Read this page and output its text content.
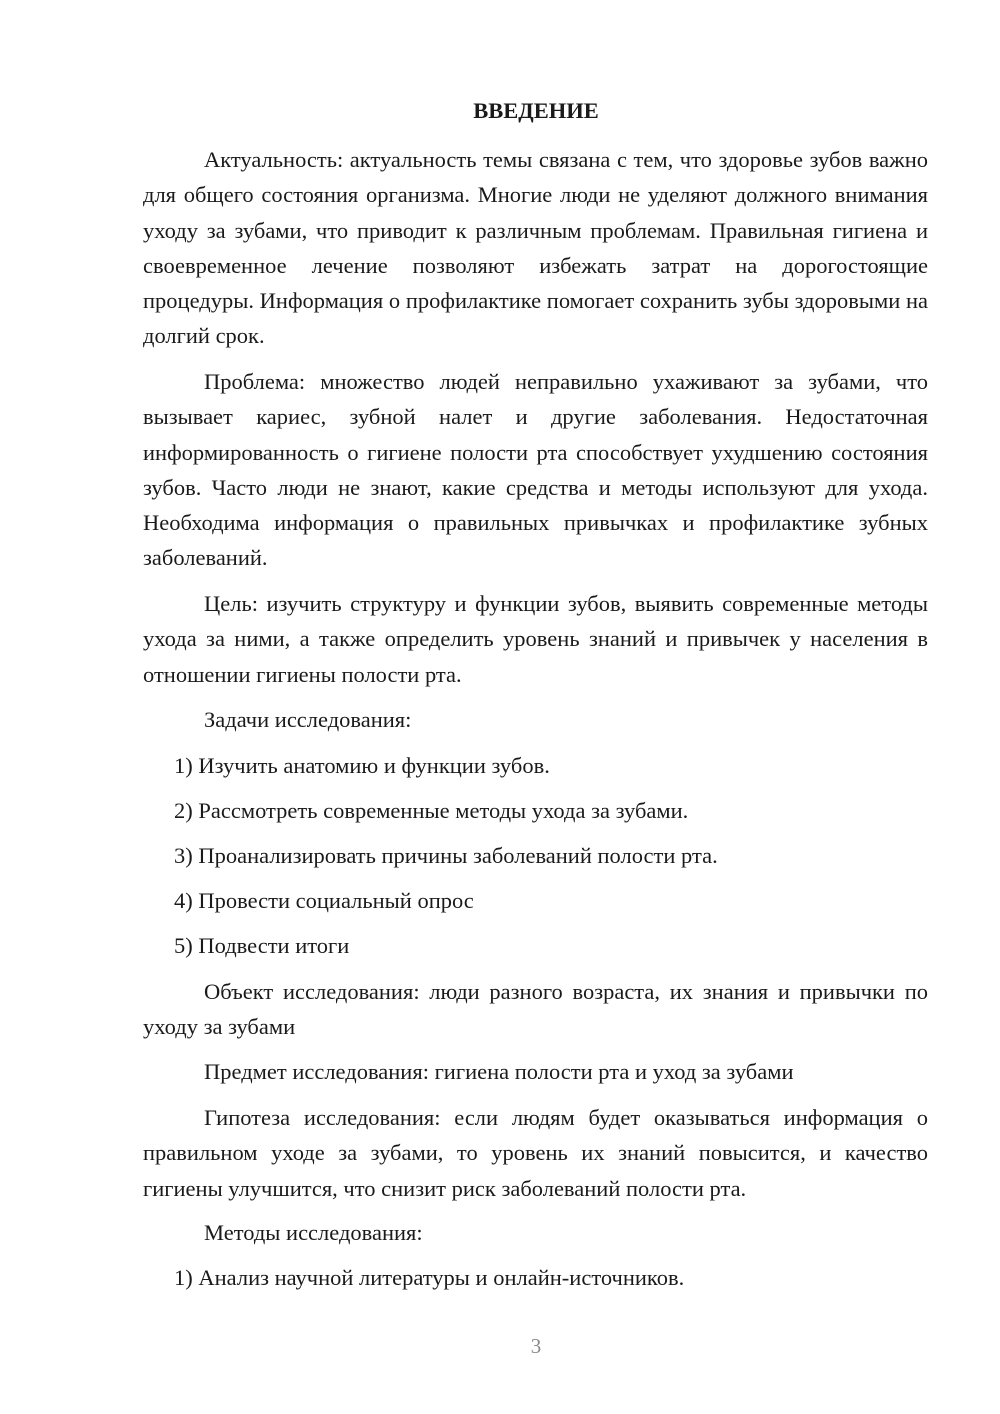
ВВЕДЕНИЕ

Актуальность: актуальность темы связана с тем, что здоровье зубов важно для общего состояния организма. Многие люди не уделяют должного внимания уходу за зубами, что приводит к различным проблемам. Правильная гигиена и своевременное лечение позволяют избежать затрат на дорогостоящие процедуры. Информация о профилактике помогает сохранить зубы здоровыми на долгий срок.

Проблема: множество людей неправильно ухаживают за зубами, что вызывает кариес, зубной налет и другие заболевания. Недостаточная информированность о гигиене полости рта способствует ухудшению состояния зубов. Часто люди не знают, какие средства и методы используют для ухода. Необходима информация о правильных привычках и профилактике зубных заболеваний.

Цель: изучить структуру и функции зубов, выявить современные методы ухода за ними, а также определить уровень знаний и привычек у населения в отношении гигиены полости рта.

Задачи исследования:
1) Изучить анатомию и функции зубов.
2) Рассмотреть современные методы ухода за зубами.
3) Проанализировать причины заболеваний полости рта.
4) Провести социальный опрос
5) Подвести итоги

Объект исследования: люди разного возраста, их знания и привычки по уходу за зубами

Предмет исследования: гигиена полости рта и уход за зубами

Гипотеза исследования: если людям будет оказываться информация о правильном уходе за зубами, то уровень их знаний повысится, и качество гигиены улучшится, что снизит риск заболеваний полости рта.

Методы исследования:
1) Анализ научной литературы и онлайн-источников.
3
